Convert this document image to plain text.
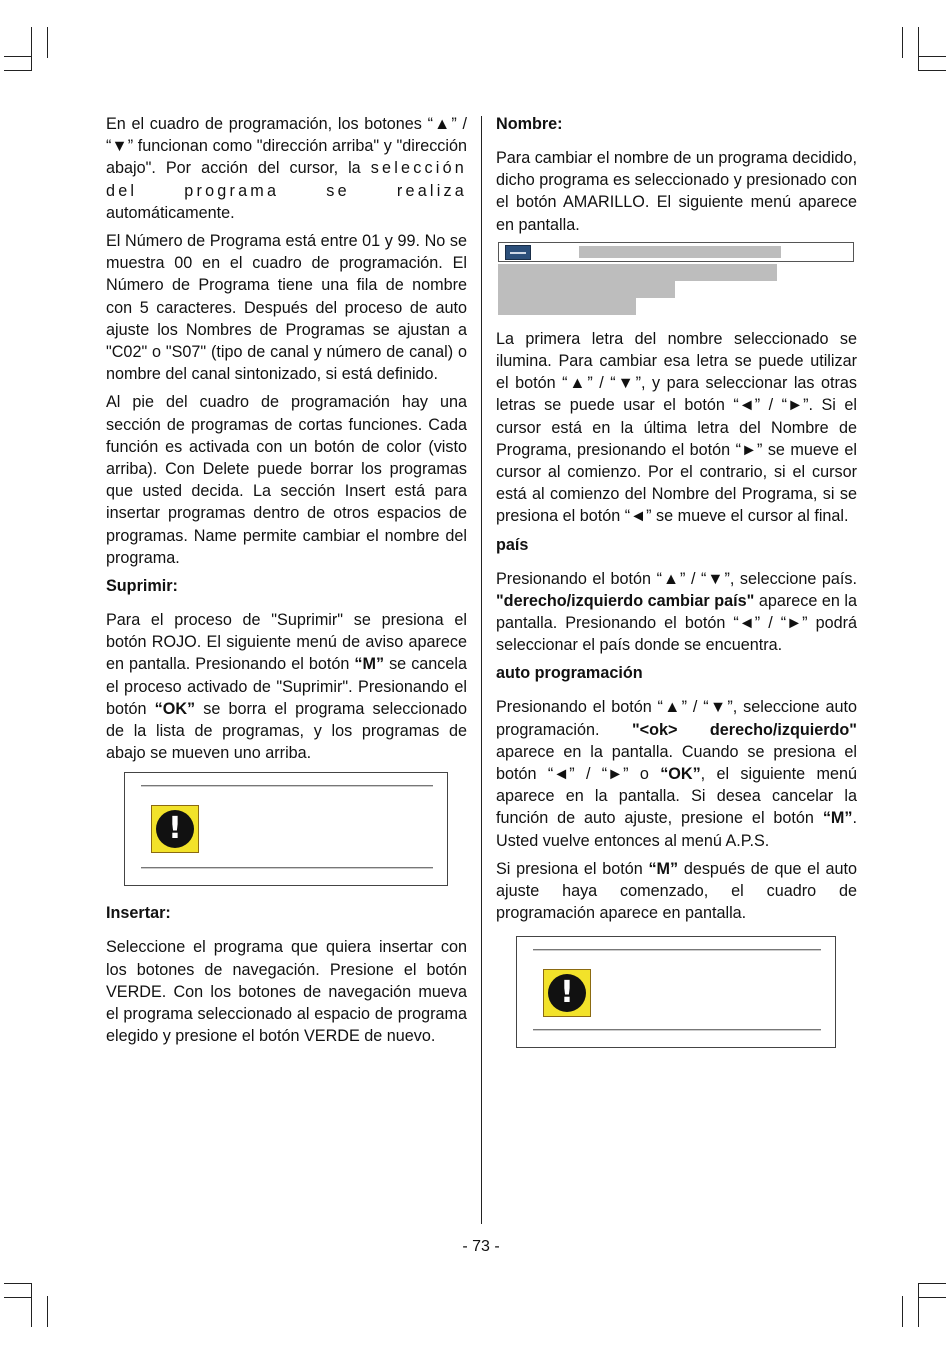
En el cuadro de programación, los botones “▲” / “▼” funcionan como "dirección arriba" y "dirección abajo". Por acción del cursor, la selección del programa se realiza automáticamente.

El Número de Programa está entre 01 y 99. No se muestra 00 en el cuadro de programación. El Número de Programa tiene una fila de nombre con 5 caracteres. Después del proceso de auto ajuste los Nombres de Programas se ajustan a "C02" o "S07" (tipo de canal y número de canal) o nombre del canal sintonizado, si está definido.

Al pie del cuadro de programación hay una sección de programas de cortas funciones. Cada función es activada con un botón de color (visto arriba). Con Delete puede borrar los programas que usted decida. La sección Insert está para insertar programas dentro de otros espacios de programas. Name permite cambiar el nombre del programa.

Suprimir:

Para el proceso de "Suprimir" se presiona el botón ROJO. El siguiente menú de aviso aparece en pantalla. Presionando el botón “M” se cancela el proceso activado de "Suprimir". Presionando el botón “OK” se borra el programa seleccionado de la lista de programas, y los programas de abajo se mueven uno arriba.

!
Insertar:

Seleccione el programa que quiera insertar con los botones de navegación. Presione el botón VERDE. Con los botones de navegación mueva el programa seleccionado al espacio de programa elegido y presione el botón VERDE de nuevo.

Nombre:

Para cambiar el nombre de un programa decidido, dicho programa es seleccionado y presionado con el botón AMARILLO. El siguiente menú aparece en pantalla.

La primera letra del nombre seleccionado se ilumina. Para cambiar esa letra se puede utilizar el botón “▲” / “▼”, y para seleccionar las otras letras se puede usar el botón “◄” / “►”. Si el cursor está en la última letra del Nombre de Programa, presionando el botón “►” se mueve el cursor al comienzo. Por el contrario, si el cursor está al comienzo del Nombre del Programa, si se presiona el botón “◄” se mueve el cursor al final.

país

Presionando el botón “▲” / “▼”, seleccione país. "derecho/izquierdo cambiar país" aparece en la pantalla. Presionando el botón “◄” / “►” podrá seleccionar el país donde se encuentra.

auto programación

Presionando el botón “▲” / “▼”, seleccione auto programación. "<ok> derecho/izquierdo" aparece en la pantalla. Cuando se presiona el botón “◄” / “►” o “OK”, el siguiente menú aparece en la pantalla. Si desea cancelar la función de auto ajuste, presione el botón “M”. Usted vuelve entonces al menú A.P.S.

Si presiona el botón “M” después de que el auto ajuste haya comenzado, el cuadro de programación aparece en pantalla.

!
- 73 -
